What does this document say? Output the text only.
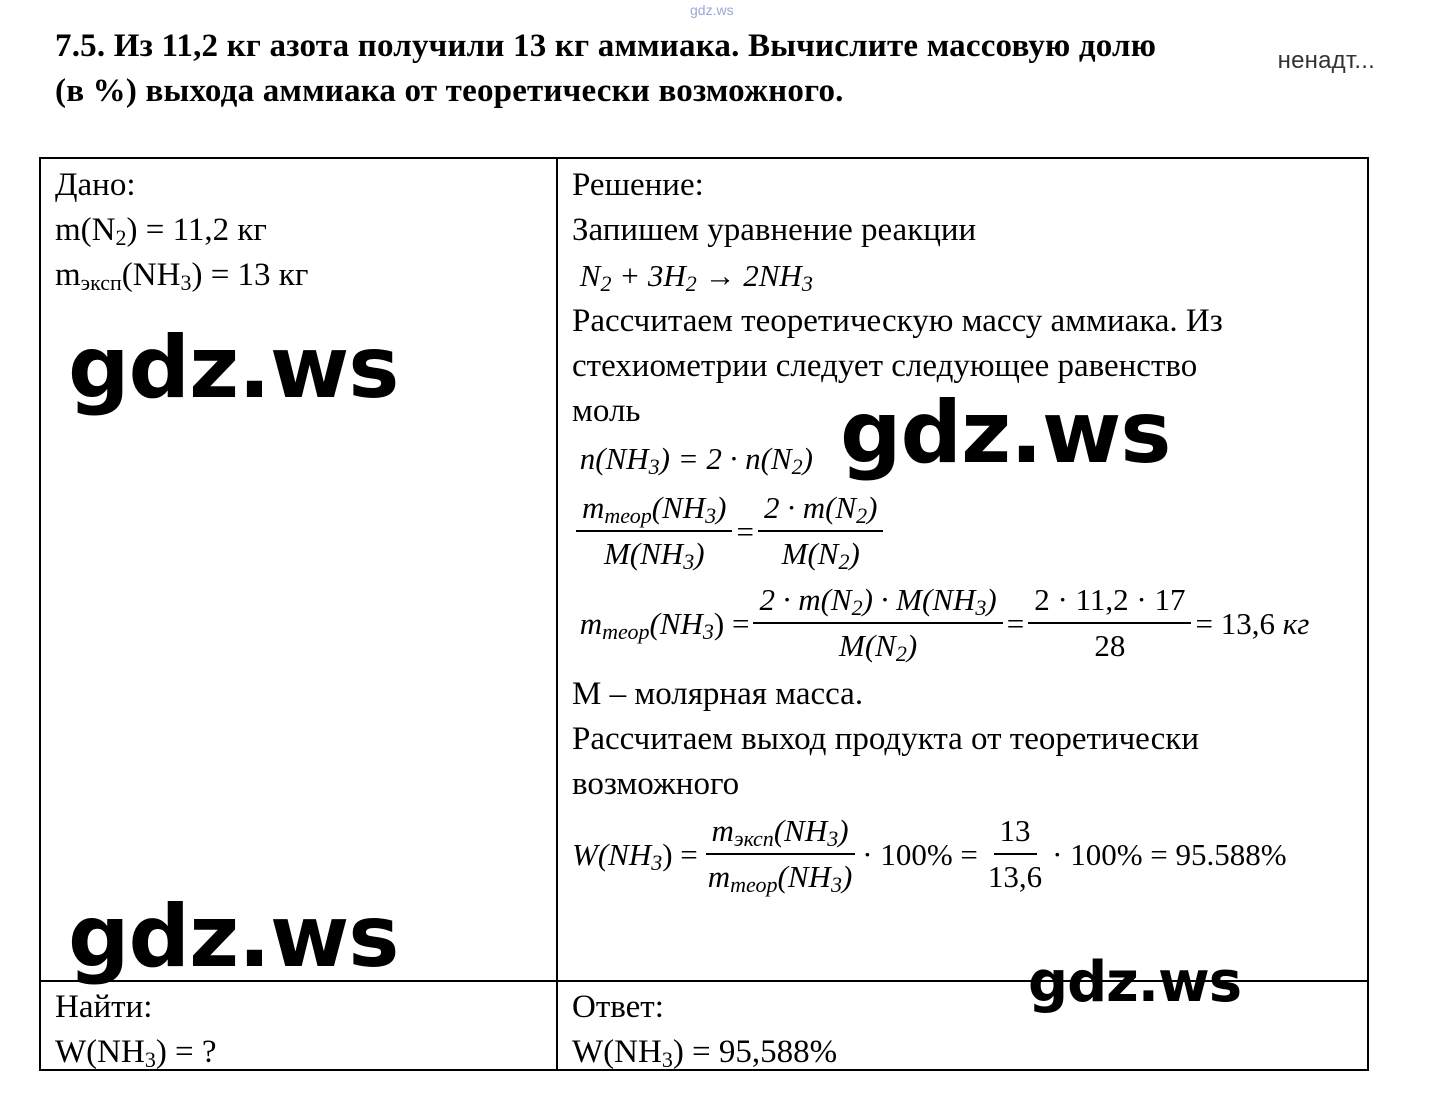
gdz.ws
7.5. Из 11,2 кг азота получили 13 кг аммиака. Вычислите массовую долю
(в %) выхода аммиака от теоретически возможного.
ненадт...
Дано:
$m(N_2) = 11,2$ кг
$m_{эксп}(NH_3) = 13$ кг
Найти:
$W(NH_3)$ = ?
Решение:
Запишем уравнение реакции
$N_2 + 3H_2 \to 2NH_3$
Рассчитаем теоретическую массу аммиака. Из
стехиометрии следует следующее равенство
моль
$n(NH_3) = 2 \cdot n(N_2)$
$\frac{m_{теор}(NH_3)}{M(NH_3)} = \frac{2 \cdot m(N_2)}{M(N_2)}$
$m_{теор}(NH_3) = \frac{2 \cdot m(N_2) \cdot M(NH_3)}{M(N_2)} = \frac{2 \cdot 11,2 \cdot 17}{28} = 13,6$
кг
М – молярная масса.
Рассчитаем выход продукта от теоретически
возможного
$W(NH_3) = \frac{m_{эксп}(NH_3)}{m_{теор}(NH_3)} \cdot 100\% = \frac{13}{13,6} \cdot 100\% = 95.588\%$
Ответ:
$W(NH_3) = 95,588\%$
gdz.ws
gdz.ws
gdz.ws	gdz.ws
